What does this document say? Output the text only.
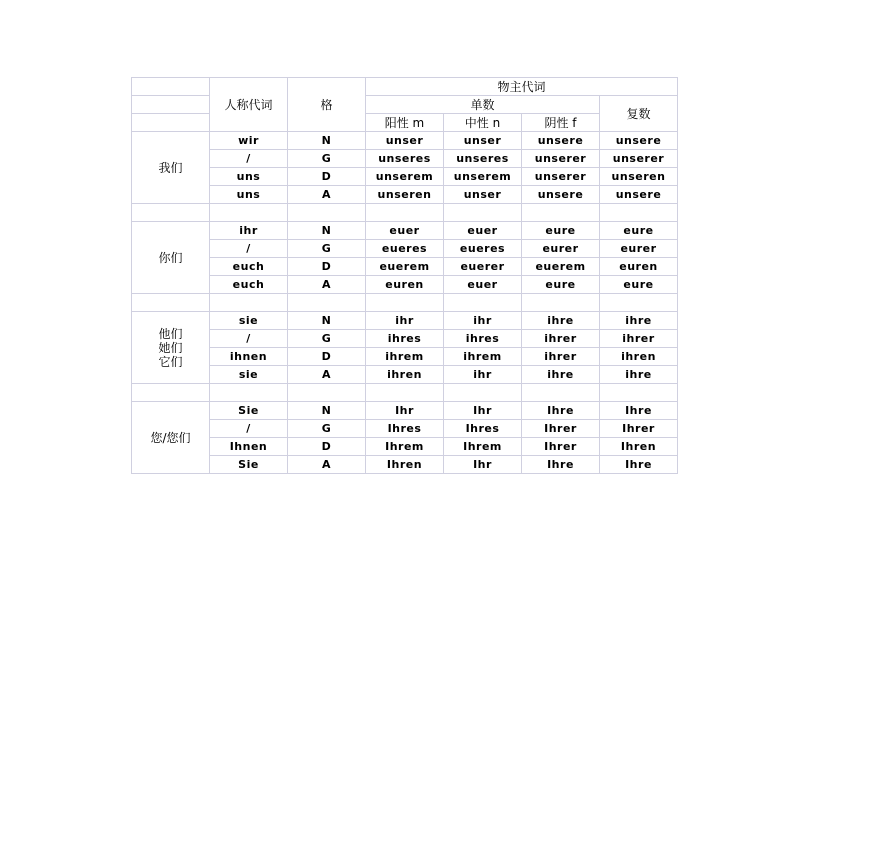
	人称代词	格	物主代词			
			单数			复数
			阳性 m	中性 n	阴性 f	

我们	wir	N	unser	unser	unsere	unsere
	/	G	unseres	unseres	unserer	unserer
	uns	D	unserem	unserem	unserer	unseren
	uns	A	unseren	unser	unsere	unsere

你们	ihr	N	euer	euer	eure	eure
	/	G	eueres	eueres	eurer	eurer
	euch	D	euerem	euerer	euerem	euren
	euch	A	euren	euer	eure	eure

他们
她们
它们	sie	N	ihr	ihr	ihre	ihre
	/	G	ihres	ihres	ihrer	ihrer
	ihnen	D	ihrem	ihrem	ihrer	ihren
	sie	A	ihren	ihr	ihre	ihre

您/您们	Sie	N	Ihr	Ihr	Ihre	Ihre
	/	G	Ihres	Ihres	Ihrer	Ihrer
	Ihnen	D	Ihrem	Ihrem	Ihrer	Ihren
	Sie	A	Ihren	Ihr	Ihre	Ihre
